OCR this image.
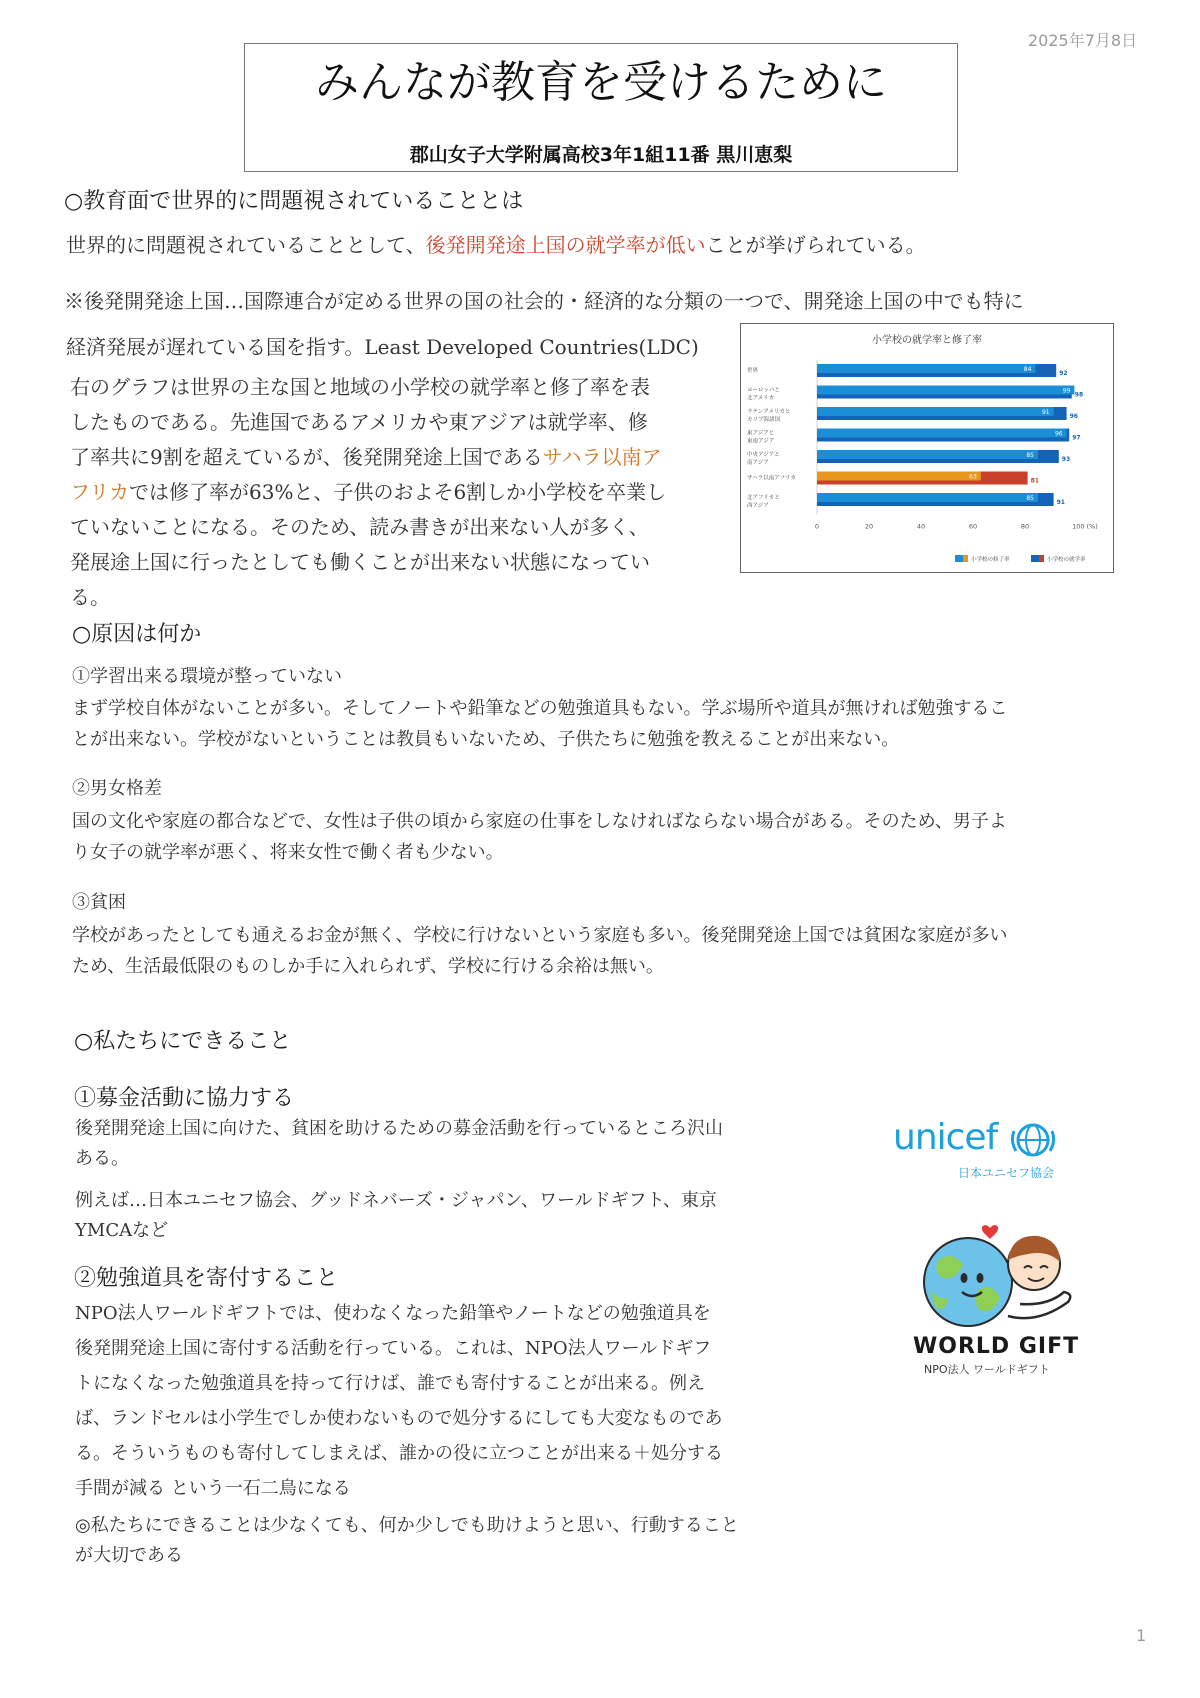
2025年7月8日
みんなが教育を受けるために
郡山女子大学附属高校3年1組11番 黒川恵梨
○教育面で世界的に問題視されていることとは
世界的に問題視されていることとして、後発開発途上国の就学率が低いことが挙げられている。
※後発開発途上国…国際連合が定める世界の国の社会的・経済的な分類の一つで、開発途上国の中でも特に
経済発展が遅れている国を指す。Least Developed Countries(LDC)
右のグラフは世界の主な国と地域の小学校の就学率と修了率を表
したものである。先進国であるアメリカや東アジアは就学率、修
了率共に9割を超えているが、後発開発途上国であるサハラ以南ア
フリカでは修了率が63%と、子供のおよそ6割しか小学校を卒業し
ていないことになる。そのため、読み書きが出来ない人が多く、
発展途上国に行ったとしても働くことが出来ない状態になってい
る。
小学校の就学率と修了率
世界	84
92
ヨーロッパと
北アメリカ
99
98
ラテンアメリカと
カリブ海諸国
91
96
東アジアと
東南アジア
96
97
中央アジアと
南アジア
85
93
サハラ以南アフリカ	63
81
北アフリカと
西アジア
85
91
0	20	40	60	80	100 (%)
小学校の修了率	小学校の就学率
○原因は何か
①学習出来る環境が整っていない
まず学校自体がないことが多い。そしてノートや鉛筆などの勉強道具もない。学ぶ場所や道具が無ければ勉強するこ
とが出来ない。学校がないということは教員もいないため、子供たちに勉強を教えることが出来ない。
②男女格差
国の文化や家庭の都合などで、女性は子供の頃から家庭の仕事をしなければならない場合がある。そのため、男子よ
り女子の就学率が悪く、将来女性で働く者も少ない。
③貧困
学校があったとしても通えるお金が無く、学校に行けないという家庭も多い。後発開発途上国では貧困な家庭が多い
ため、生活最低限のものしか手に入れられず、学校に行ける余裕は無い。
○私たちにできること
①募金活動に協力する
後発開発途上国に向けた、貧困を助けるための募金活動を行っているところ沢山
ある。
例えば…日本ユニセフ協会、グッドネバーズ・ジャパン、ワールドギフト、東京
YMCAなど
②勉強道具を寄付すること
NPO法人ワールドギフトでは、使わなくなった鉛筆やノートなどの勉強道具を
後発開発途上国に寄付する活動を行っている。これは、NPO法人ワールドギフ
トになくなった勉強道具を持って行けば、誰でも寄付することが出来る。例え
ば、ランドセルは小学生でしか使わないもので処分するにしても大変なものであ
る。そういうものも寄付してしまえば、誰かの役に立つことが出来る＋処分する
手間が減る という一石二鳥になる
◎私たちにできることは少なくても、何か少しでも助けようと思い、行動すること
が大切である
unicef
日本ユニセフ協会
WORLD GIFT
NPO法人 ワールドギフト
1
